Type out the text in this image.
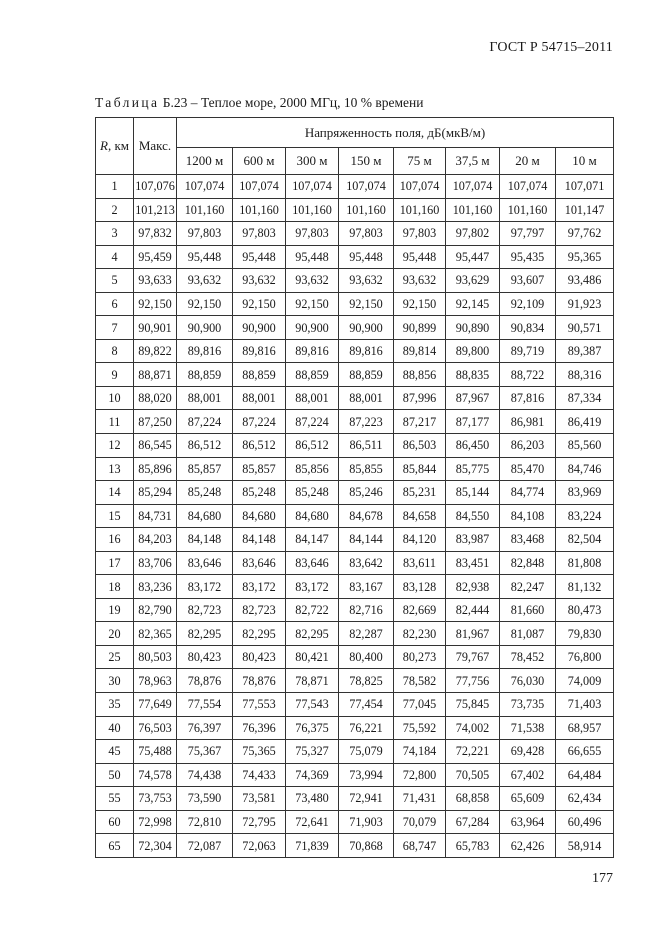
ГОСТ Р 54715–2011
Таблица Б.23 – Теплое море, 2000 МГц, 10 % времени
R, км	Макс.	Напряженность поля, дБ(мкВ/м)							
		1200 м	600 м	300 м	150 м	75 м	37,5 м	20 м	10 м
1	107,076	107,074	107,074	107,074	107,074	107,074	107,074	107,074	107,071
2	101,213	101,160	101,160	101,160	101,160	101,160	101,160	101,160	101,147
3	97,832	97,803	97,803	97,803	97,803	97,803	97,802	97,797	97,762
4	95,459	95,448	95,448	95,448	95,448	95,448	95,447	95,435	95,365
5	93,633	93,632	93,632	93,632	93,632	93,632	93,629	93,607	93,486
6	92,150	92,150	92,150	92,150	92,150	92,150	92,145	92,109	91,923
7	90,901	90,900	90,900	90,900	90,900	90,899	90,890	90,834	90,571
8	89,822	89,816	89,816	89,816	89,816	89,814	89,800	89,719	89,387
9	88,871	88,859	88,859	88,859	88,859	88,856	88,835	88,722	88,316
10	88,020	88,001	88,001	88,001	88,001	87,996	87,967	87,816	87,334
11	87,250	87,224	87,224	87,224	87,223	87,217	87,177	86,981	86,419
12	86,545	86,512	86,512	86,512	86,511	86,503	86,450	86,203	85,560
13	85,896	85,857	85,857	85,856	85,855	85,844	85,775	85,470	84,746
14	85,294	85,248	85,248	85,248	85,246	85,231	85,144	84,774	83,969
15	84,731	84,680	84,680	84,680	84,678	84,658	84,550	84,108	83,224
16	84,203	84,148	84,148	84,147	84,144	84,120	83,987	83,468	82,504
17	83,706	83,646	83,646	83,646	83,642	83,611	83,451	82,848	81,808
18	83,236	83,172	83,172	83,172	83,167	83,128	82,938	82,247	81,132
19	82,790	82,723	82,723	82,722	82,716	82,669	82,444	81,660	80,473
20	82,365	82,295	82,295	82,295	82,287	82,230	81,967	81,087	79,830
25	80,503	80,423	80,423	80,421	80,400	80,273	79,767	78,452	76,800
30	78,963	78,876	78,876	78,871	78,825	78,582	77,756	76,030	74,009
35	77,649	77,554	77,553	77,543	77,454	77,045	75,845	73,735	71,403
40	76,503	76,397	76,396	76,375	76,221	75,592	74,002	71,538	68,957
45	75,488	75,367	75,365	75,327	75,079	74,184	72,221	69,428	66,655
50	74,578	74,438	74,433	74,369	73,994	72,800	70,505	67,402	64,484
55	73,753	73,590	73,581	73,480	72,941	71,431	68,858	65,609	62,434
60	72,998	72,810	72,795	72,641	71,903	70,079	67,284	63,964	60,496
65	72,304	72,087	72,063	71,839	70,868	68,747	65,783	62,426	58,914
177
